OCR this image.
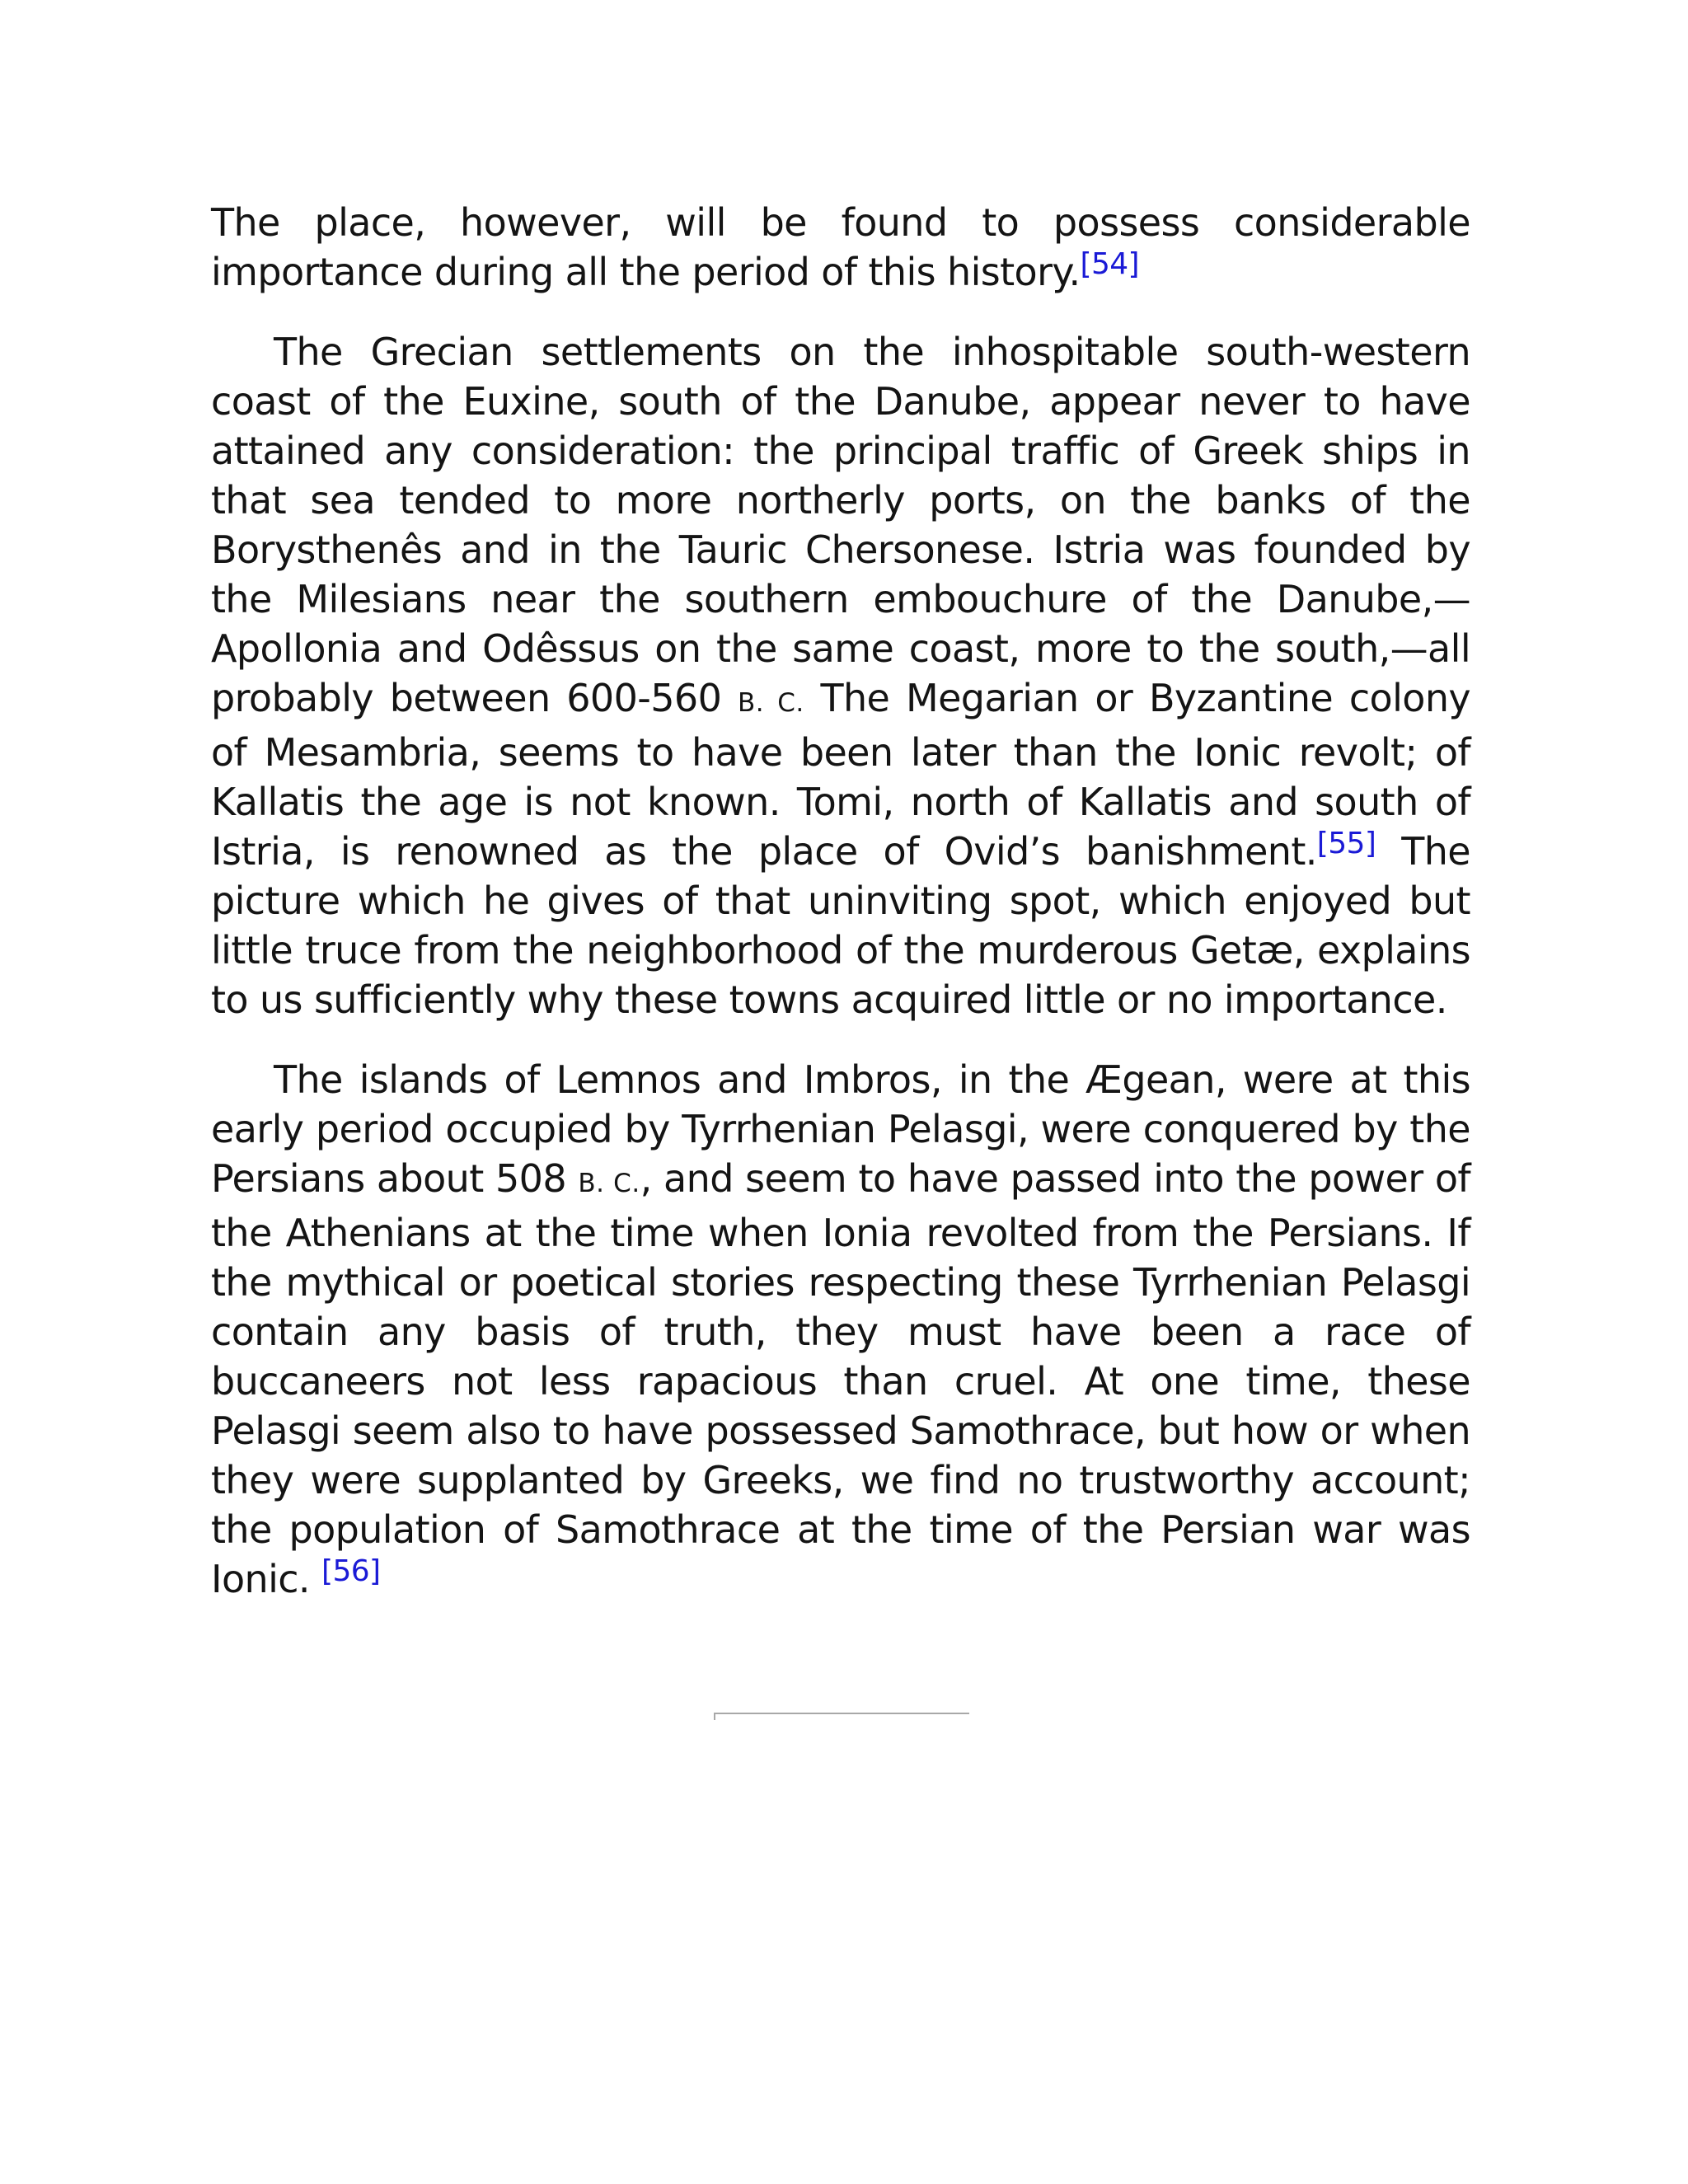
The place, however, will be found to possess considerable importance during all the period of this history.[54]

The Grecian settlements on the inhospitable south-western coast of the Euxine, south of the Danube, appear never to have attained any consideration: the principal traffic of Greek ships in that sea tended to more northerly ports, on the banks of the Borysthenês and in the Tauric Chersonese. Istria was founded by the Milesians near the southern embouchure of the Danube,—Apollonia and Odêssus on the same coast, more to the south,—all probably between 600-560 B. C. The Megarian or Byzantine colony of Mesambria, seems to have been later than the Ionic revolt; of Kallatis the age is not known. Tomi, north of Kallatis and south of Istria, is renowned as the place of Ovid’s banishment.[55] The picture which he gives of that uninviting spot, which enjoyed but little truce from the neighborhood of the murderous Getæ, explains to us sufficiently why these towns acquired little or no importance.

The islands of Lemnos and Imbros, in the Ægean, were at this early period occupied by Tyrrhenian Pelasgi, were conquered by the Persians about 508 B. C., and seem to have passed into the power of the Athenians at the time when Ionia revolted from the Persians. If the mythical or poetical stories respecting these Tyrrhenian Pelasgi contain any basis of truth, they must have been a race of buccaneers not less rapacious than cruel. At one time, these Pelasgi seem also to have possessed Samothrace, but how or when they were supplanted by Greeks, we find no trustworthy account; the population of Samothrace at the time of the Persian war was Ionic. [56]
